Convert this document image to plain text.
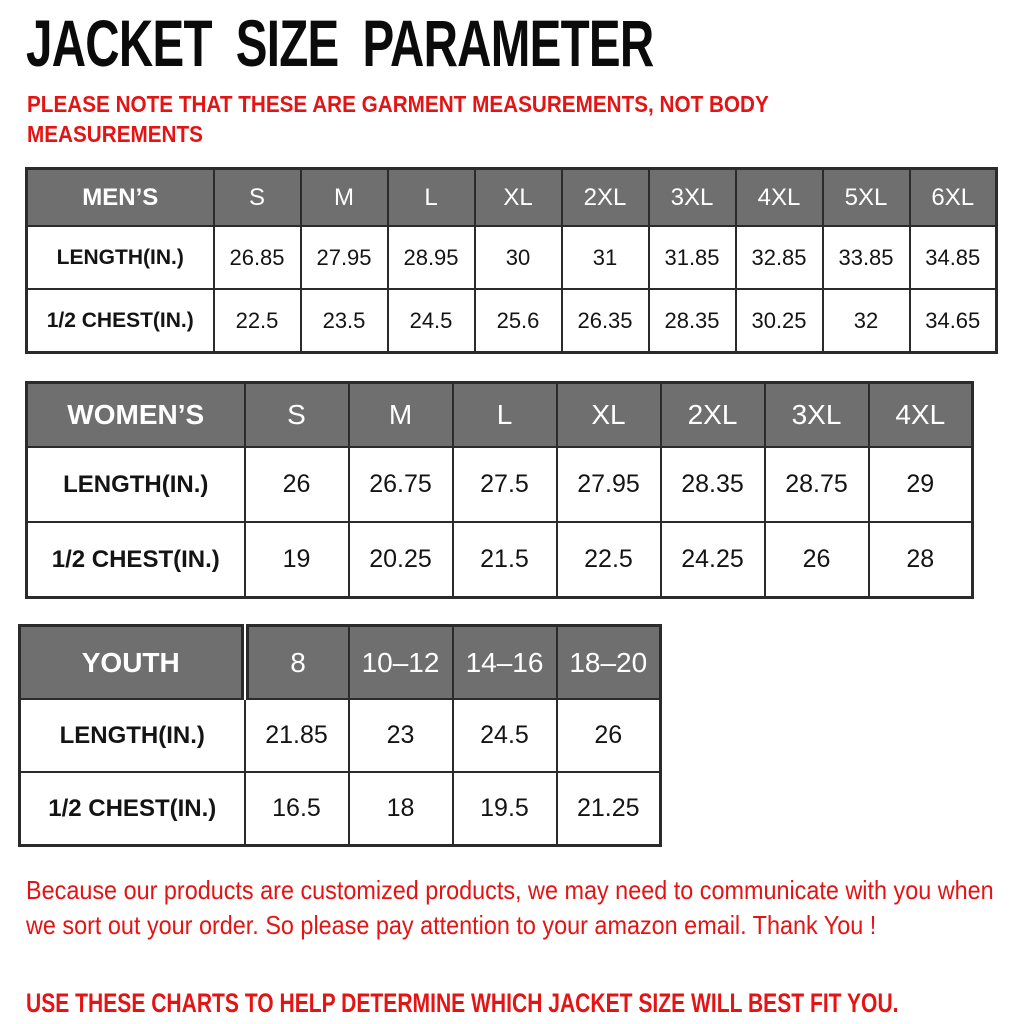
JACKET SIZE PARAMETER

PLEASE NOTE THAT THESE ARE GARMENT MEASUREMENTS, NOT BODY MEASUREMENTS

MEN’S	S	M	L	XL	2XL	3XL	4XL	5XL	6XL
LENGTH(IN.)	26.85	27.95	28.95	30	31	31.85	32.85	33.85	34.85
1/2 CHEST(IN.)	22.5	23.5	24.5	25.6	26.35	28.35	30.25	32	34.65
WOMEN’S	S	M	L	XL	2XL	3XL	4XL
LENGTH(IN.)	26	26.75	27.5	27.95	28.35	28.75	29
1/2 CHEST(IN.)	19	20.25	21.5	22.5	24.25	26	28
YOUTH	8	10–12	14–16	18–20
LENGTH(IN.)	21.85	23	24.5	26
1/2 CHEST(IN.)	16.5	18	19.5	21.25

Because our products are customized products, we may need to communicate with you when we sort out your order. So please pay attention to your amazon email. Thank You !

USE THESE CHARTS TO HELP DETERMINE WHICH JACKET SIZE WILL BEST FIT YOU.
